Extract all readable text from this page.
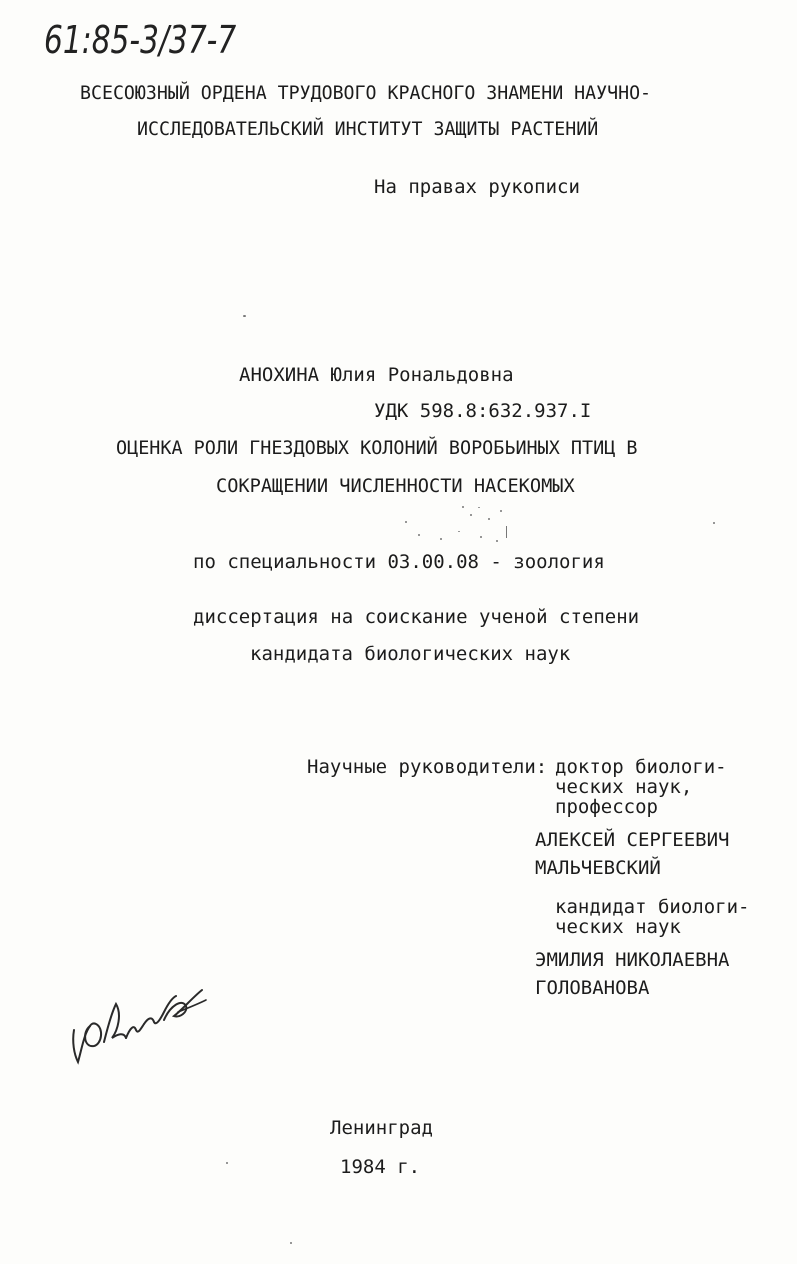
61:85-3/37-7
ВСЕСОЮЗНЫЙ ОРДЕНА ТРУДОВОГО КРАСНОГО ЗНАМЕНИ НАУЧНО-
ИССЛЕДОВАТЕЛЬСКИЙ ИНСТИТУТ ЗАЩИТЫ РАСТЕНИЙ
На правах рукописи
АНОХИНА Юлия Рональдовна
УДК 598.8:632.937.I
ОЦЕНКА РОЛИ ГНЕЗДОВЫХ КОЛОНИЙ ВОРОБЬИНЫХ ПТИЦ В
СОКРАЩЕНИИ ЧИСЛЕННОСТИ НАСЕКОМЫХ
по специальности 03.00.08 - зоология
диссертация на соискание ученой степени
кандидата биологических наук
Научные руководители: доктор биологи-
ческих наук,
профессор
АЛЕКСЕЙ СЕРГЕЕВИЧ
МАЛЬЧЕВСКИЙ
кандидат биологи-
ческих наук
ЭМИЛИЯ НИКОЛАЕВНА
ГОЛОВАНОВА
Ленинград
1984 г.
